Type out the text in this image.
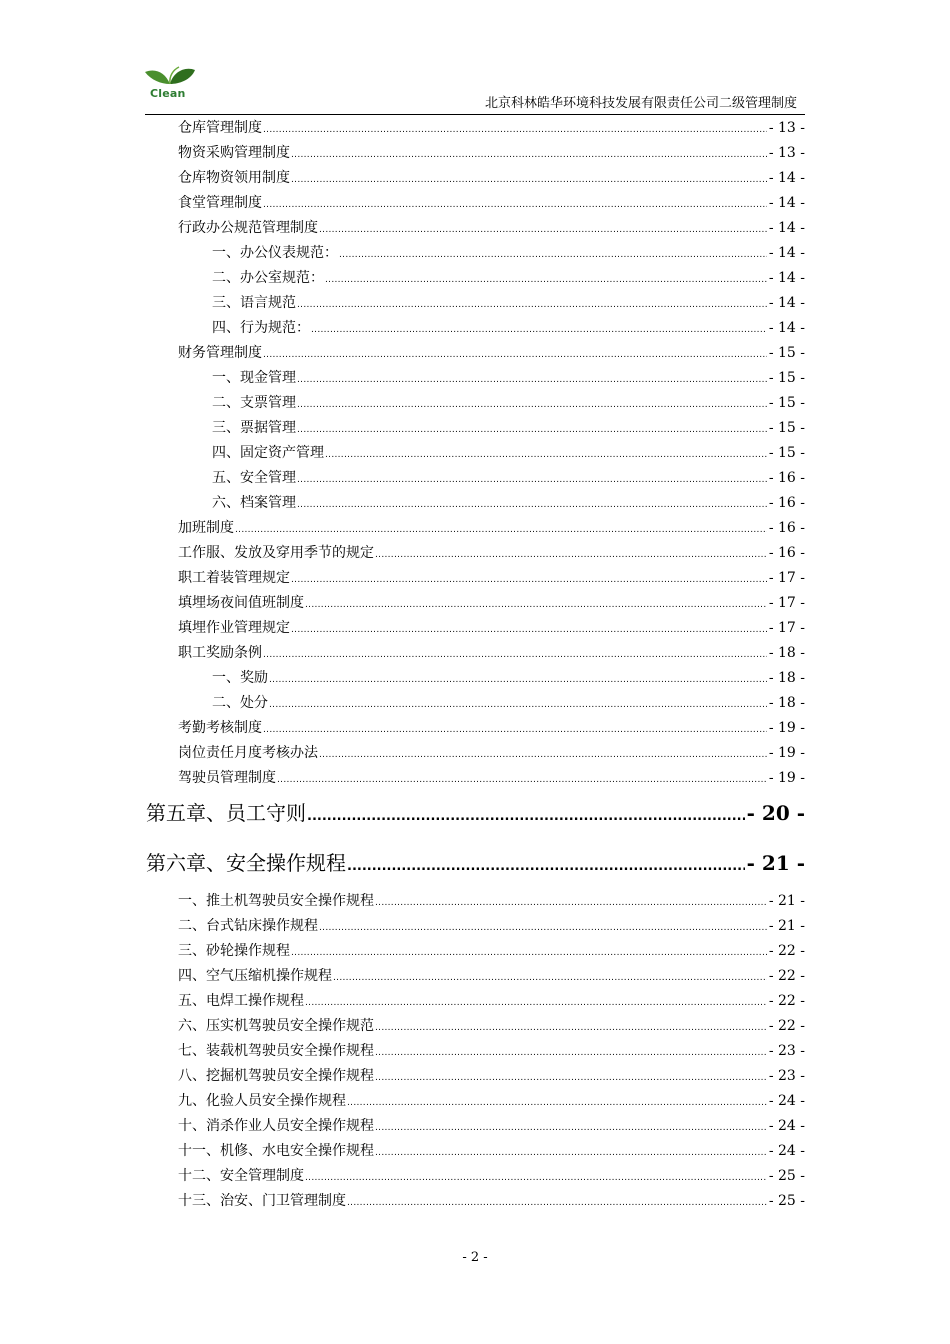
Clean
北京科林皓华环境科技发展有限责任公司二级管理制度
仓库管理制度 .....	- 13 -
物资采购管理制度 .....	- 13 -
仓库物资领用制度 .....	- 14 -
食堂管理制度 .....	- 14 -
行政办公规范管理制度 .....	- 14 -
一、办公仪表规范： .....	- 14 -
二、办公室规范： .....	- 14 -
三、语言规范 .....	- 14 -
四、行为规范： .....	- 14 -
财务管理制度 .....	- 15 -
一、现金管理 .....	- 15 -
二、支票管理 .....	- 15 -
三、票据管理 .....	- 15 -
四、固定资产管理 .....	- 15 -
五、安全管理 .....	- 16 -
六、档案管理 .....	- 16 -
加班制度 .....	- 16 -
工作服、发放及穿用季节的规定 .....	- 16 -
职工着装管理规定 .....	- 17 -
填埋场夜间值班制度 .....	- 17 -
填埋作业管理规定 .....	- 17 -
职工奖励条例 .....	- 18 -
一、奖励 .....	- 18 -
二、处分 .....	- 18 -
考勤考核制度 .....	- 19 -
岗位责任月度考核办法 .....	- 19 -
驾驶员管理制度 .....	- 19 -
第五章、员工守则 .....	- 20 -
第六章、安全操作规程 .....	- 21 -
一、推土机驾驶员安全操作规程 .....	- 21 -
二、台式钻床操作规程 .....	- 21 -
三、砂轮操作规程 .....	- 22 -
四、空气压缩机操作规程 .....	- 22 -
五、电焊工操作规程 .....	- 22 -
六、压实机驾驶员安全操作规范 .....	- 22 -
七、装载机驾驶员安全操作规程 .....	- 23 -
八、挖掘机驾驶员安全操作规程 .....	- 23 -
九、化验人员安全操作规程 .....	- 24 -
十、消杀作业人员安全操作规程 .....	- 24 -
十一、机修、水电安全操作规程 .....	- 24 -
十二、安全管理制度 .....	- 25 -
十三、治安、门卫管理制度 .....	- 25 -
- 2 -
